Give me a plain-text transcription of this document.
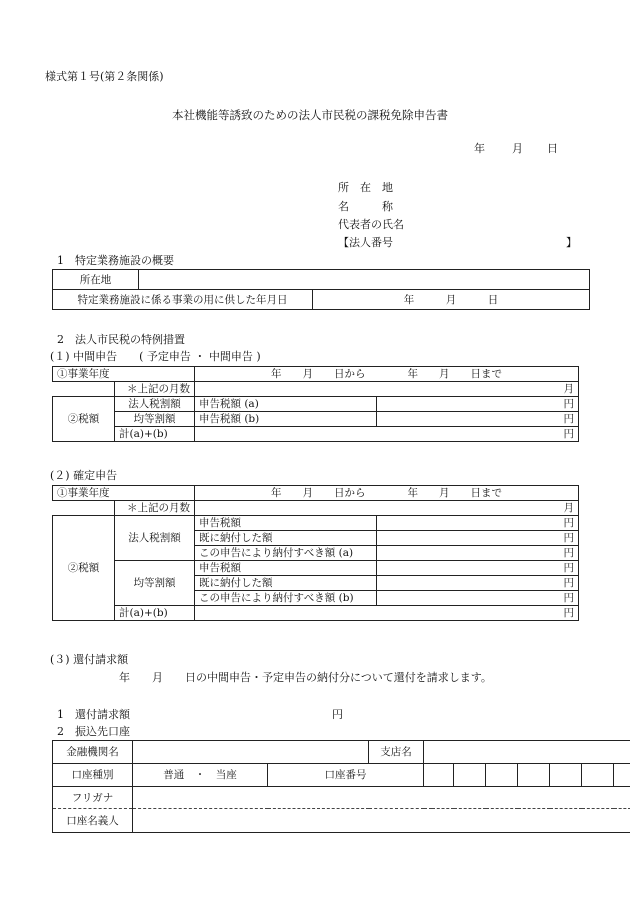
様式第１号(第２条関係)
本社機能等誘致のための法人市民税の課税免除申告書
年 月 日
所　在　地
名　　　称
代表者の氏名
【法人番号	】
1　特定業務施設の概要
所在地		
特定業務施設に係る事業の用に供した年月日		年　　　月　　　日
2　法人市民税の特例措置
(１) 中間申告　　( 予定申告 ・ 中間申告 )
①事業年度		年　　月　　日から　　　　年　　月　　日まで	
	＊上記の月数	月	
②税額	法人税割額	申告税額 (a)	円
	均等割額	申告税額 (b)	円
	計(a)+(b)	円	
(２) 確定申告
①事業年度		年　　月　　日から　　　　年　　月　　日まで	
	＊上記の月数	月	
②税額	法人税割額	申告税額	円
		既に納付した額	円
		この申告により納付すべき額 (a)	円
	均等割額	申告税額	円
		既に納付した額	円
		この申告により納付すべき額 (b)	円
	計(a)+(b)	円	
(３) 還付請求額
年　　月　　日の中間申告・予定申告の納付分について還付を請求します。
1　還付請求額	円
2　振込先口座
金融機関名			支店名							
口座種別	普通　・　当座	口座番号								
フリガナ										
口座名義人										
